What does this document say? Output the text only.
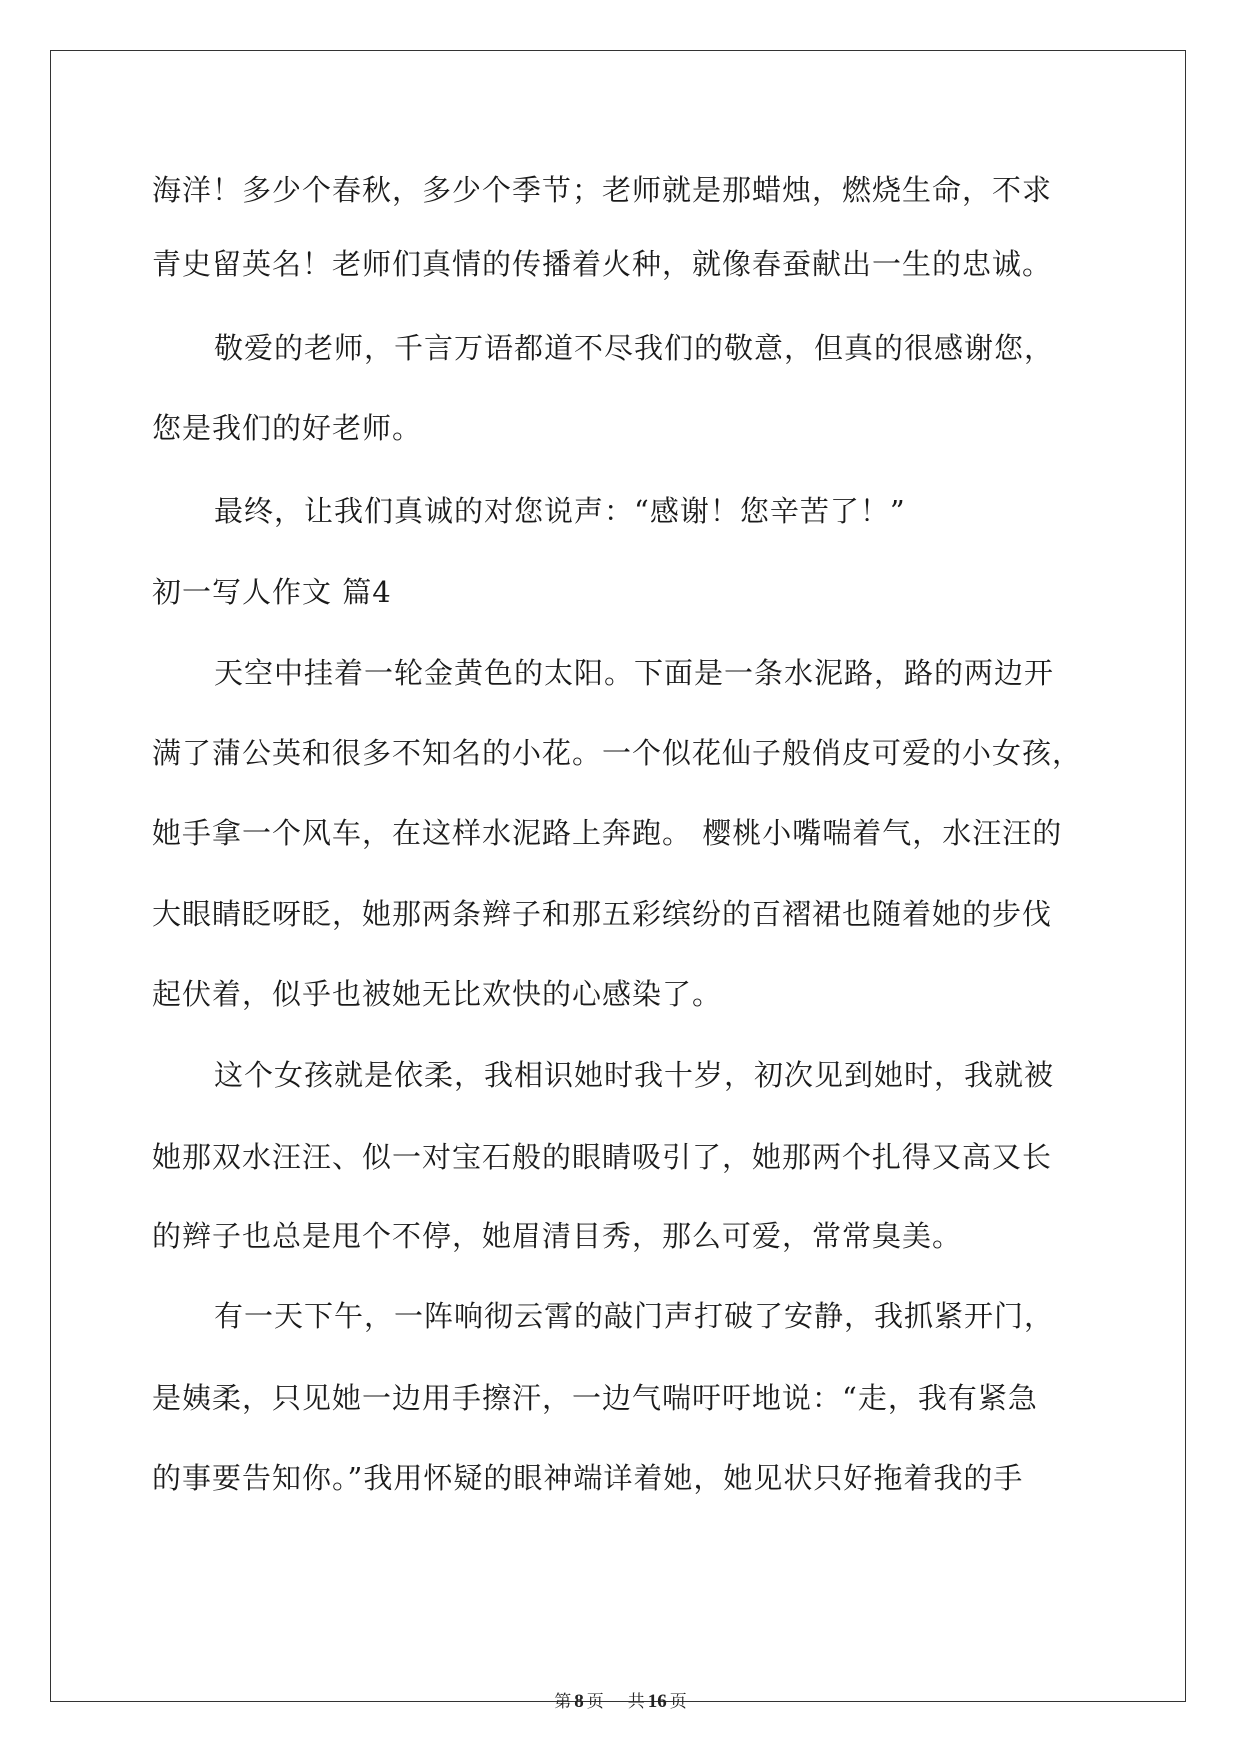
海洋！多少个春秋，多少个季节；老师就是那蜡烛，燃烧生命，不求
青史留英名！老师们真情的传播着火种，就像春蚕献出一生的忠诚。
敬爱的老师，千言万语都道不尽我们的敬意，但真的很感谢您，
您是我们的好老师。
最终，让我们真诚的对您说声：“感谢！您辛苦了！”
初一写人作文 篇4
天空中挂着一轮金黄色的太阳。下面是一条水泥路，路的两边开
满了蒲公英和很多不知名的小花。一个似花仙子般俏皮可爱的小女孩，
她手拿一个风车，在这样水泥路上奔跑。 樱桃小嘴喘着气，水汪汪的
大眼睛眨呀眨，她那两条辫子和那五彩缤纷的百褶裙也随着她的步伐
起伏着，似乎也被她无比欢快的心感染了。
这个女孩就是依柔，我相识她时我十岁，初次见到她时，我就被
她那双水汪汪、似一对宝石般的眼睛吸引了，她那两个扎得又高又长
的辫子也总是甩个不停，她眉清目秀，那么可爱，常常臭美。
有一天下午，一阵响彻云霄的敲门声打破了安静，我抓紧开门，
是姨柔，只见她一边用手擦汗，一边气喘吁吁地说：“走，我有紧急
的事要告知你。”我用怀疑的眼神端详着她，她见状只好拖着我的手
第 8 页 共 16 页
